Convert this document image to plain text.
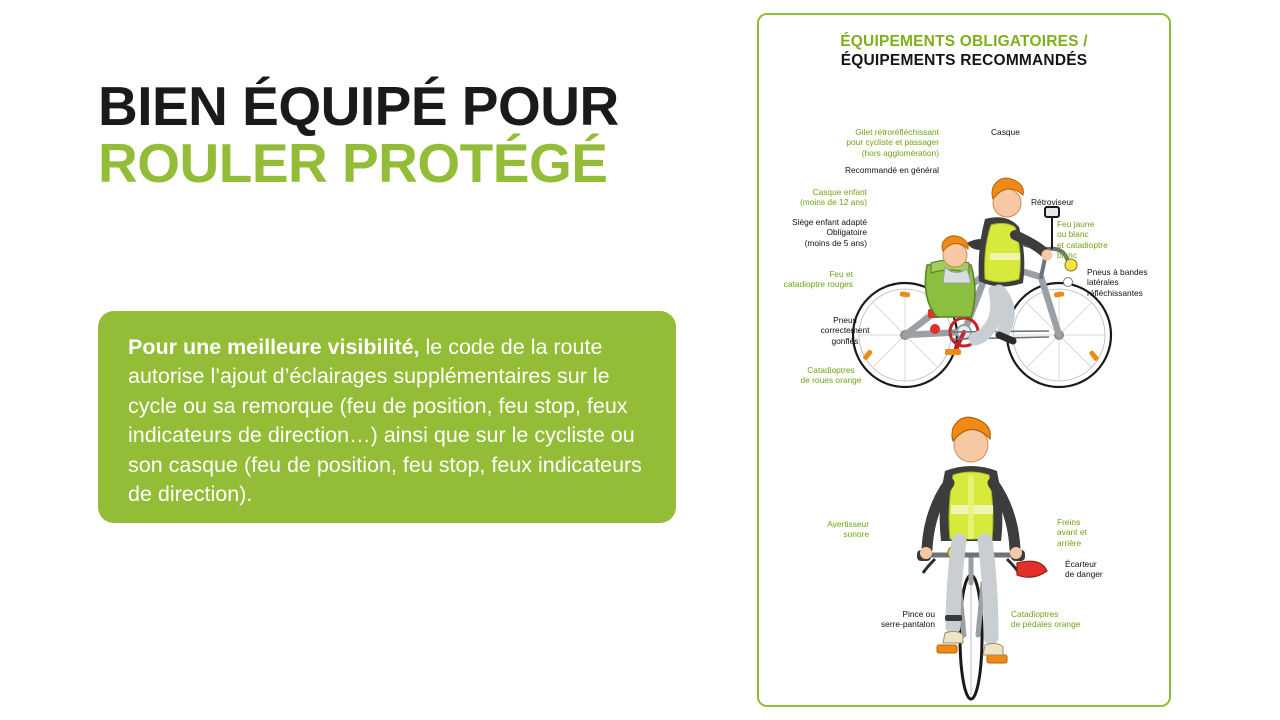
BIEN ÉQUIPÉ POUR
ROULER PROTÉGÉ

Pour une meilleure visibilité, le code de la route autorise l’ajout d’éclairages supplémentaires sur le cycle ou sa remorque (feu de position, feu stop, feux indicateurs de direction…) ainsi que sur le cycliste ou son casque (feu de position, feu stop, feux indicateurs de direction).

ÉQUIPEMENTS OBLIGATOIRES /
ÉQUIPEMENTS RECOMMANDÉS
Gilet rétroréfléchissant
pour cycliste et passager
(hors agglomération)
Recommandé en général
Casque
Casque enfant
(moins de 12 ans)
Siège enfant adapté
Obligatoire
(moins de 5 ans)
Rétroviseur
Feu jaune
ou blanc
et catadioptre
blanc
Pneus à bandes
latérales
réfléchissantes
Feu et
catadioptre rouges
Pneus
correctement
gonflés
Catadioptres
de roues orange
Avertisseur
sonore
Freins
avant et
arrière
Écarteur
de danger
Catadioptres
de pédales orange
Pince ou
serre-pantalon
